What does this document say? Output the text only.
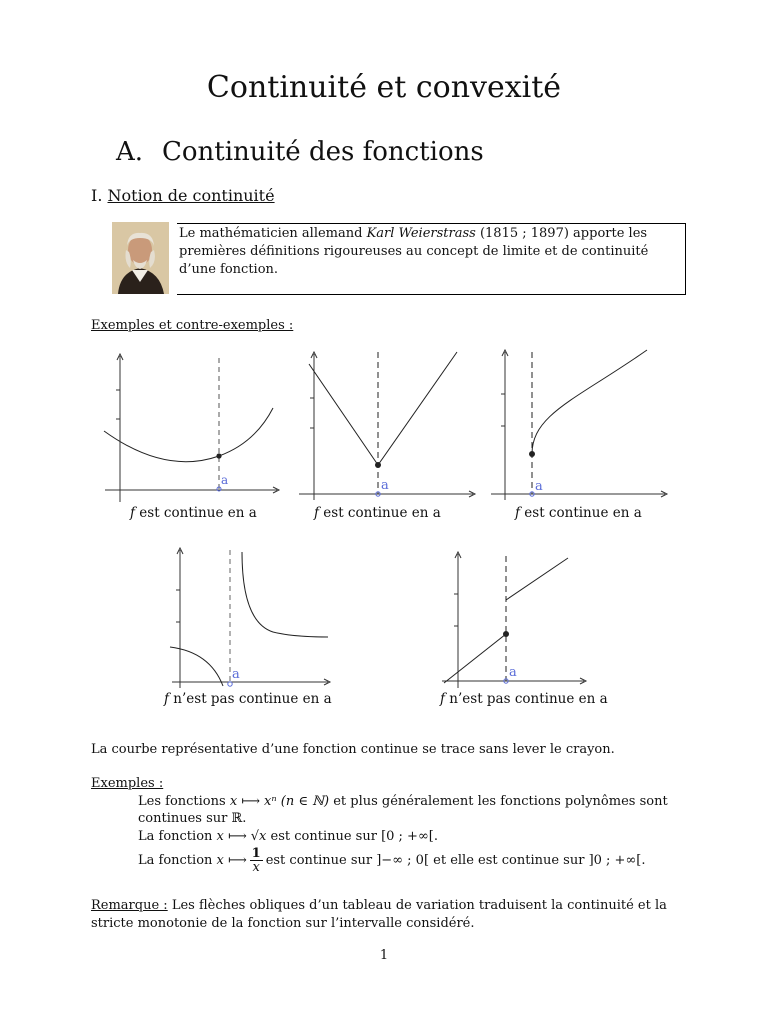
Continuité et convexité
A. Continuité des fonctions
I. Notion de continuité
Le mathématicien allemand Karl Weierstrass (1815 ; 1897) apporte les premières définitions rigoureuses au concept de limite et de continuité d’une fonction.
Exemples et contre-exemples :
a
f est continue en a
a
f est continue en a
a
f est continue en a
a
f n’est pas continue en a
a
f n’est pas continue en a
La courbe représentative d’une fonction continue se trace sans lever le crayon.
Exemples :
Les fonctions x ⟼ xⁿ (n ∈ ℕ) et plus généralement les fonctions polynômes sont
continues sur ℝ.
La fonction x ⟼ √x est continue sur [0 ; +∞[.
La fonction
x ⟼ $\frac{1}{x}$ est continue sur ]−∞ ; 0[ et elle est continue sur ]0 ; +∞[.
Remarque : Les flèches obliques d’un tableau de variation traduisent la continuité et la stricte monotonie de la fonction sur l’intervalle considéré.
1
